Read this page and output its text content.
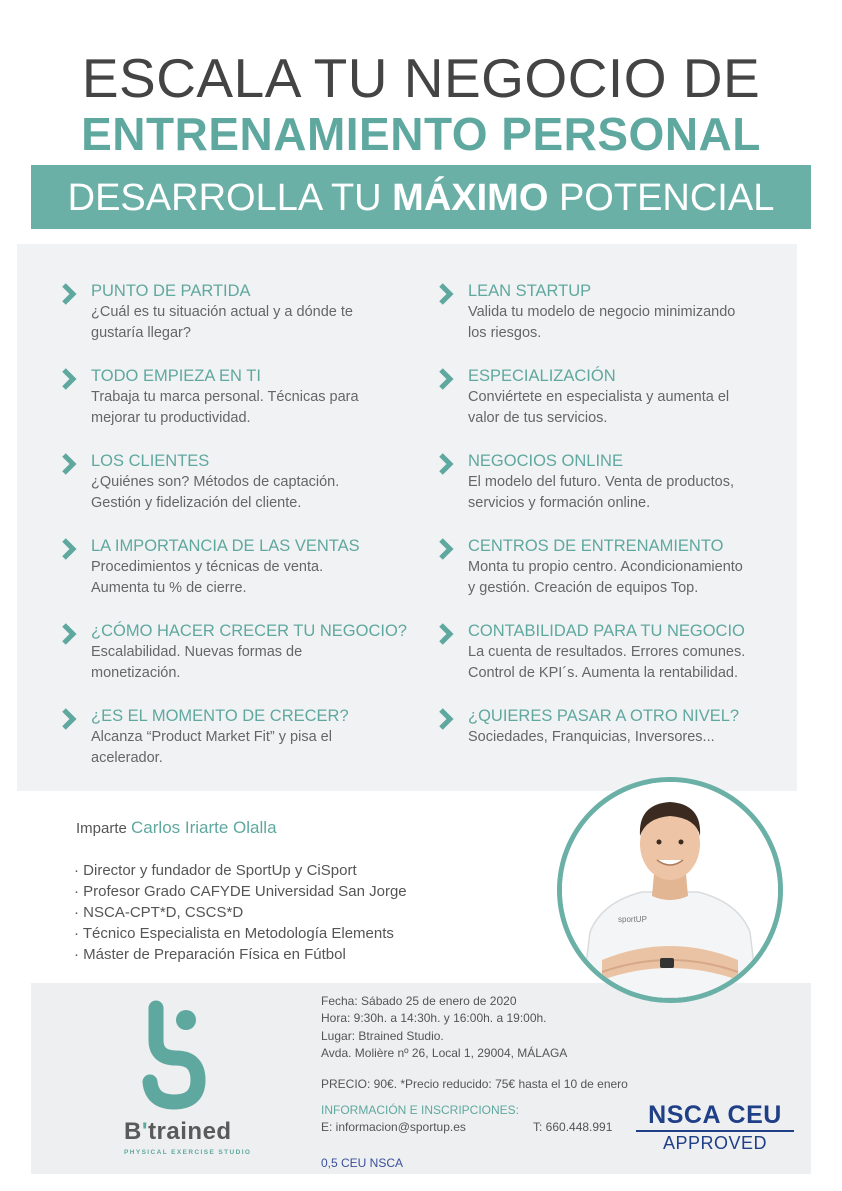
ESCALA TU NEGOCIO DE
ENTRENAMIENTO PERSONAL
DESARROLLA TU MÁXIMO POTENCIAL
PUNTO DE PARTIDA

¿Cuál es tu situación actual y a dónde te

gustaría llegar?

TODO EMPIEZA EN TI

Trabaja tu marca personal. Técnicas para

mejorar tu productividad.

LOS CLIENTES

¿Quiénes son? Métodos de captación.

Gestión y fidelización del cliente.

LA IMPORTANCIA DE LAS VENTAS

Procedimientos y técnicas de venta.

Aumenta tu % de cierre.

¿CÓMO HACER CRECER TU NEGOCIO?

Escalabilidad. Nuevas formas de

monetización.

¿ES EL MOMENTO DE CRECER?

Alcanza “Product Market Fit” y pisa el

acelerador.

LEAN STARTUP

Valida tu modelo de negocio minimizando

los riesgos.

ESPECIALIZACIÓN

Conviértete en especialista y aumenta el

valor de tus servicios.

NEGOCIOS ONLINE

El modelo del futuro. Venta de productos,

servicios y formación online.

CENTROS DE ENTRENAMIENTO

Monta tu propio centro. Acondicionamiento

y gestión. Creación de equipos Top.

CONTABILIDAD PARA TU NEGOCIO

La cuenta de resultados. Errores comunes.

Control de KPI´s. Aumenta la rentabilidad.

¿QUIERES PASAR A OTRO NIVEL?

Sociedades, Franquicias, Inversores...

Imparte Carlos Iriarte Olalla
· Director y fundador de SportUp y CiSport
· Profesor Grado CAFYDE Universidad San Jorge
· NSCA-CPT*D, CSCS*D
· Técnico Especialista en Metodología Elements
· Máster de Preparación Física en Fútbol
sportUP
B'trained
PHYSICAL EXERCISE STUDIO
Fecha: Sábado 25 de enero de 2020
Hora: 9:30h. a 14:30h. y 16:00h. a 19:00h.
Lugar: Btrained Studio.
Avda. Molière nº 26, Local 1, 29004, MÁLAGA
PRECIO: 90€. *Precio reducido: 75€ hasta el 10 de enero
INFORMACIÓN E INSCRIPCIONES:
E: informacion@sportup.es	T: 660.448.991
0,5 CEU NSCA
NSCA CEU
APPROVED
